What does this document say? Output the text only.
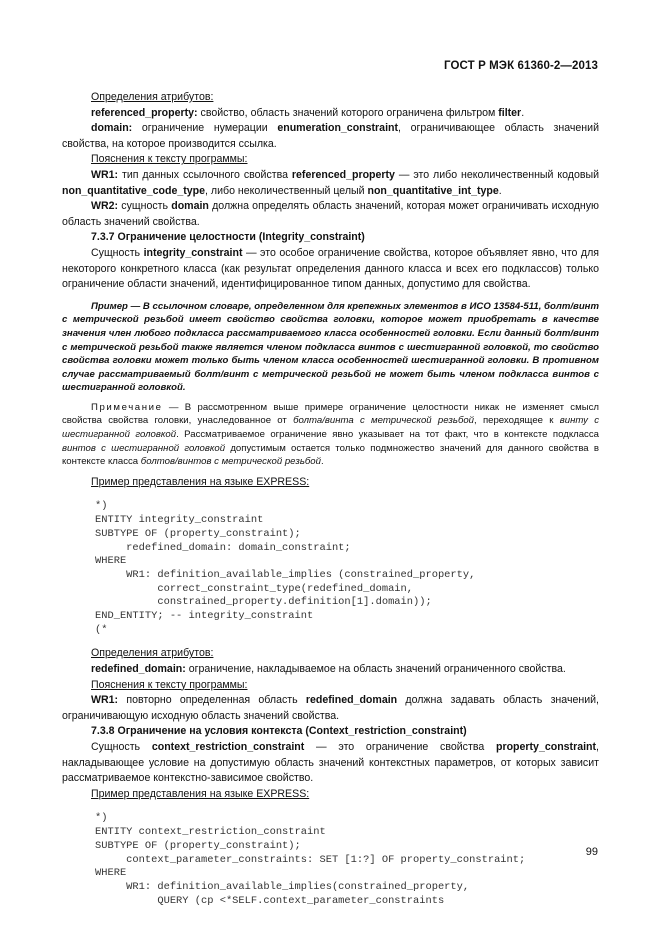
ГОСТ Р МЭК 61360-2—2013

Определения атрибутов:

referenced_property: свойство, область значений которого ограничена фильтром filter.

domain: ограничение нумерации enumeration_constraint, ограничивающее область значений свойства, на которое производится ссылка.

Пояснения к тексту программы:

WR1: тип данных ссылочного свойства referenced_property — это либо неколичественный кодовый non_quantitative_code_type, либо неколичественный целый non_quantitative_int_type.

WR2: сущность domain должна определять область значений, которая может ограничивать исходную область значений свойства.

7.3.7 Ограничение целостности (Integrity_constraint)

Сущность integrity_constraint — это особое ограничение свойства, которое объявляет явно, что для некоторого конкретного класса (как результат определения данного класса и всех его подклассов) только ограничение области значений, идентифицированное типом данных, допустимо для свойства.

Пример — В ссылочном словаре, определенном для крепежных элементов в ИСО 13584-511, болт/винт с метрической резьбой имеет свойство свойства головки, которое может приобретать в качестве значения член любого подкласса рассматриваемого класса особенностей головки. Если данный болт/винт с метрической резьбой также является членом подкласса винтов с шестигранной головкой, то свойство свойства головки может только быть членом класса особенностей шестигранной головки. В противном случае рассматриваемый болт/винт с метрической резьбой не может быть членом подкласса винтов с шестигранной головкой.

Примечание — В рассмотренном выше примере ограничение целостности никак не изменяет смысл свойства свойства головки, унаследованное от болта/винта с метрической резьбой, переходящее к винту с шестигранной головкой. Рассматриваемое ограничение явно указывает на тот факт, что в контексте подкласса винтов с шестигранной головкой допустимым остается только подмножество значений для данного свойства в контексте класса болтов/винтов с метрической резьбой.

Пример представления на языке EXPRESS:

*)
ENTITY integrity_constraint
SUBTYPE OF (property_constraint);
redefined_domain: domain_constraint;
WHERE
WR1: definition_available_implies (constrained_property,
correct_constraint_type(redefined_domain,
constrained_property.definition[1].domain));
END_ENTITY; -- integrity_constraint
(*

Определения атрибутов:

redefined_domain: ограничение, накладываемое на область значений ограниченного свойства.

Пояснения к тексту программы:

WR1: повторно определенная область redefined_domain должна задавать область значений, ограничивающую исходную область значений свойства.

7.3.8 Ограничение на условия контекста (Context_restriction_constraint)

Сущность context_restriction_constraint — это ограничение свойства property_constraint, накладывающее условие на допустимую область значений контекстных параметров, от которых зависит рассматриваемое контекстно-зависимое свойство.

Пример представления на языке EXPRESS:

*)
ENTITY context_restriction_constraint
SUBTYPE OF (property_constraint);
context_parameter_constraints: SET [1:?] OF property_constraint;
WHERE
WR1: definition_available_implies(constrained_property,
QUERY (cp <*SELF.context_parameter_constraints
99
